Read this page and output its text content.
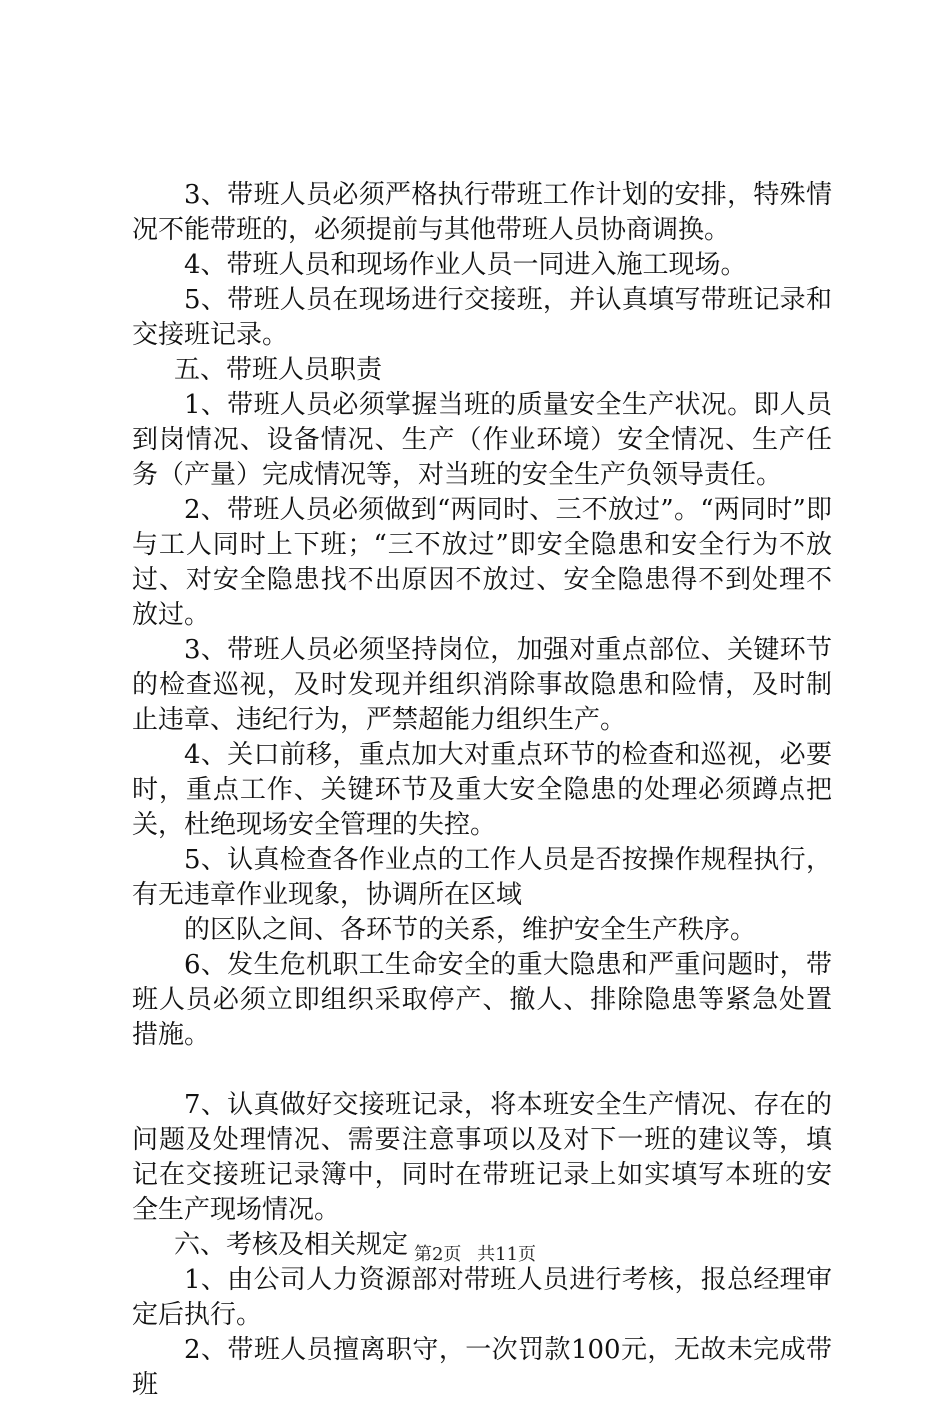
3、带班人员必须严格执行带班工作计划的安排，特殊情况不能带班的，必须提前与其他带班人员协商调换。

4、带班人员和现场作业人员一同进入施工现场。

5、带班人员在现场进行交接班，并认真填写带班记录和交接班记录。

五、带班人员职责

1、带班人员必须掌握当班的质量安全生产状况。即人员到岗情况、设备情况、生产（作业环境）安全情况、生产任务（产量）完成情况等，对当班的安全生产负领导责任。

2、带班人员必须做到“两同时、三不放过”。“两同时”即与工人同时上下班；“三不放过”即安全隐患和安全行为不放过、对安全隐患找不出原因不放过、安全隐患得不到处理不放过。

3、带班人员必须坚持岗位，加强对重点部位、关键环节的检查巡视，及时发现并组织消除事故隐患和险情，及时制止违章、违纪行为，严禁超能力组织生产。

4、关口前移，重点加大对重点环节的检查和巡视，必要时，重点工作、关键环节及重大安全隐患的处理必须蹲点把关，杜绝现场安全管理的失控。

5、认真检查各作业点的工作人员是否按操作规程执行，有无违章作业现象，协调所在区域

的区队之间、各环节的关系，维护安全生产秩序。

6、发生危机职工生命安全的重大隐患和严重问题时，带班人员必须立即组织采取停产、撤人、排除隐患等紧急处置措施。

7、认真做好交接班记录，将本班安全生产情况、存在的问题及处理情况、需要注意事项以及对下一班的建议等，填记在交接班记录簿中，同时在带班记录上如实填写本班的安全生产现场情况。

六、考核及相关规定

1、由公司人力资源部对带班人员进行考核，报总经理审定后执行。

2、带班人员擅离职守，一次罚款100元，无故未完成带班

第2页 共11页
